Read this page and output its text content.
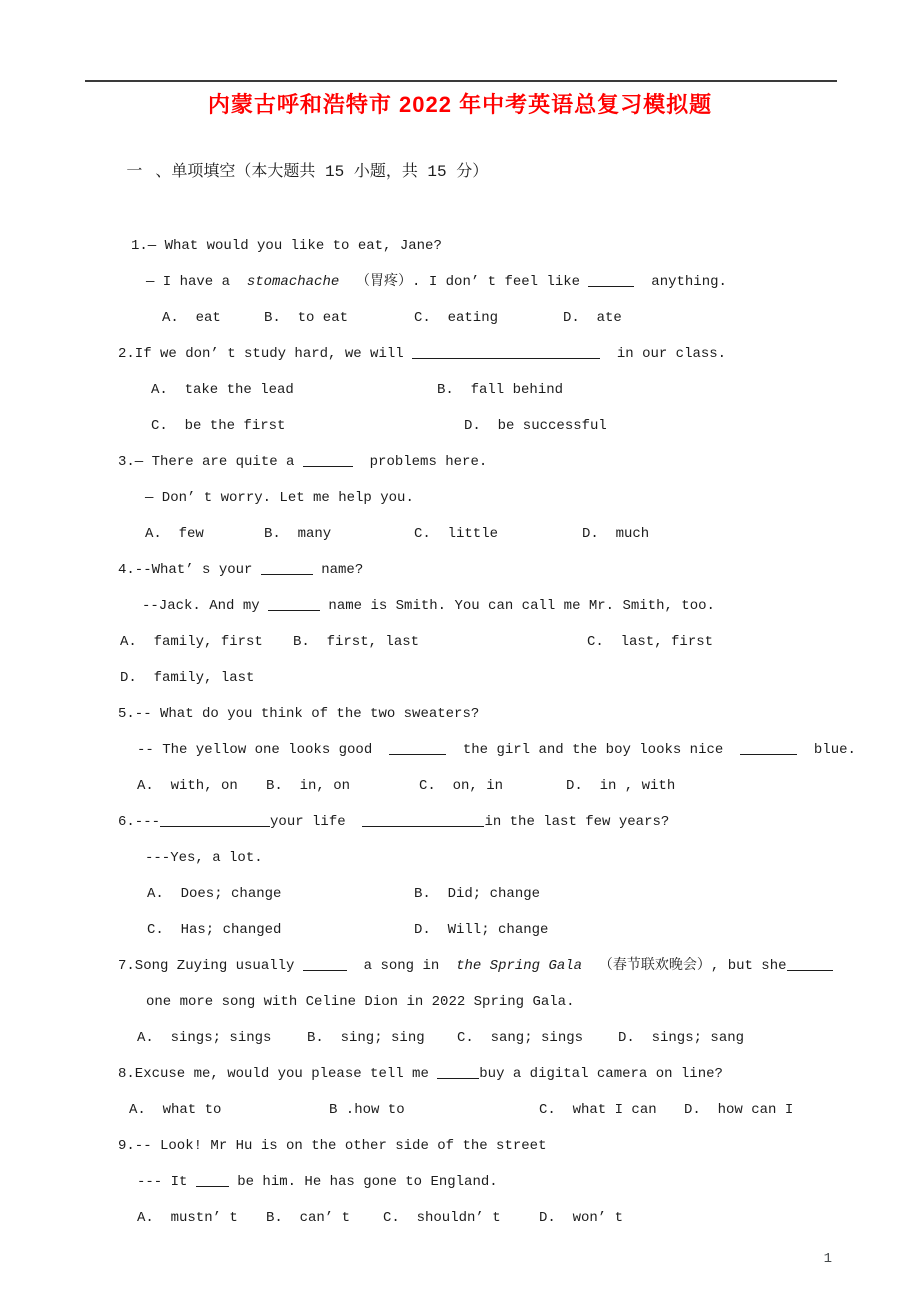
内蒙古呼和浩特市 2022 年中考英语总复习模拟题

一 、单项填空（本大题共 15 小题，共 15 分）

1.— What would you like to eat, Jane?
— I have a  stomachache  （胃疼）. I don’ t feel like	anything.
A.  eat	B.  to eat	C.  eating	D.  ate
2.If we don’ t study hard, we will	in our class.
A.  take the lead	B.  fall behind
C.  be the first	D.  be successful
3.— There are quite a	problems here.
— Don’ t worry. Let me help you.
A.  few	B.  many	C.  little	D.  much
4.--What’ s your	name?
--Jack. And my	name is Smith. You can call me Mr. Smith, too.
A.  family, first B.  first, last	C.  last, first
D.  family, last
5.-- What do you think of the two sweaters?
-- The yellow one looks good	the girl and the boy looks nice	blue.
A.  with, on B.  in, on	C.  on, in	D.  in , with
6.---	your life	in the last few years?
---Yes, a lot.
A.  Does; change	B.  Did; change
C.  Has; changed	D.  Will; change
7.Song Zuying usually	a song in  the Spring Gala  （春节联欢晚会）, but she
one more song with Celine Dion in 2022 Spring Gala.
A.  sings; sings	B.  sing; sing C.  sang; sings D.  sings; sang
8.Excuse me, would you please tell me	buy a digital camera on line?
A.  what to	B .how to	C.  what I can D.  how can I
9.-- Look! Mr Hu is on the other side of the street
--- It  be him. He has gone to England.
A.  mustn’ t B.  can’ t C.  shouldn’ t	D.  won’ t
1
